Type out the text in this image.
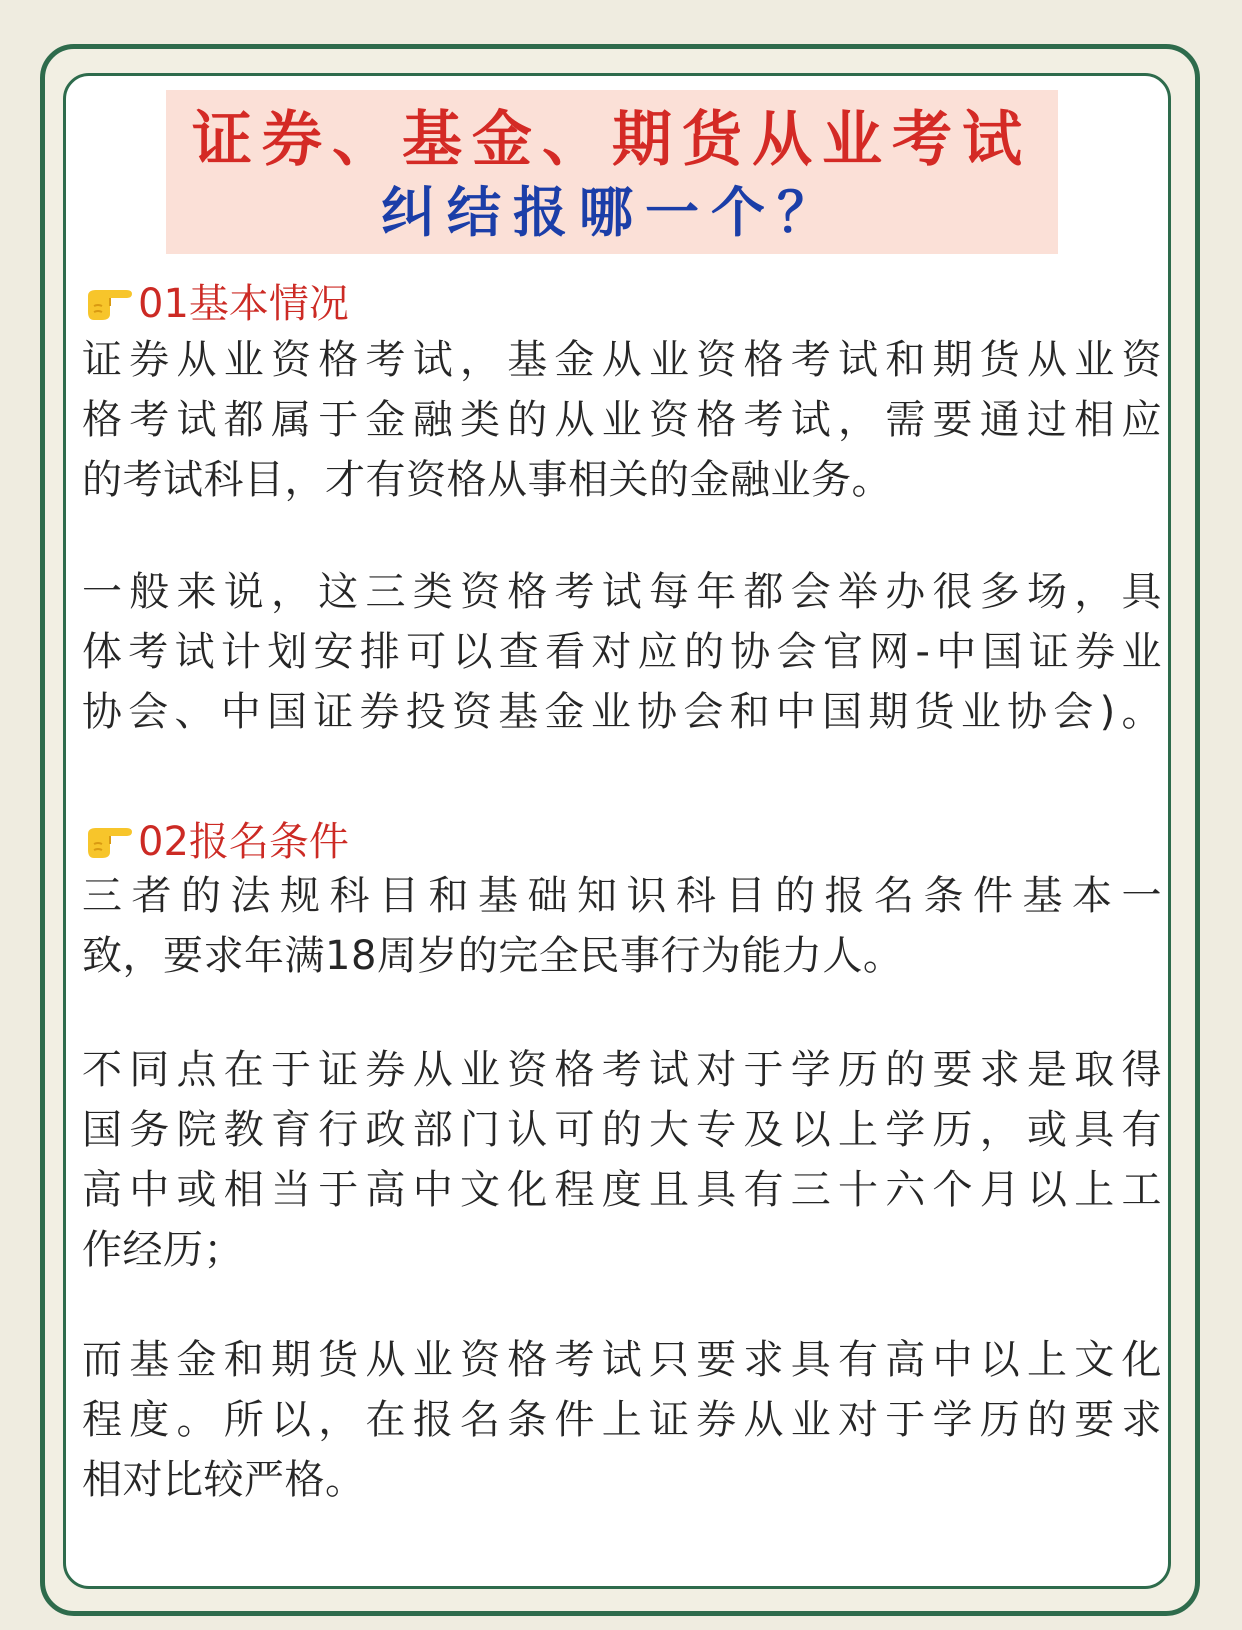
证券、基金、期货从业考试
纠结报哪一个？
01基本情况
证券从业资格考试，基金从业资格考试和期货从业资
格考试都属于金融类的从业资格考试，需要通过相应
的考试科目，才有资格从事相关的金融业务。
一般来说，这三类资格考试每年都会举办很多场，具
体考试计划安排可以查看对应的协会官网-中国证券业
协会、中国证券投资基金业协会和中国期货业协会)。
02报名条件
三者的法规科目和基础知识科目的报名条件基本一
致，要求年满18周岁的完全民事行为能力人。
不同点在于证券从业资格考试对于学历的要求是取得
国务院教育行政部门认可的大专及以上学历，或具有
高中或相当于高中文化程度且具有三十六个月以上工
作经历；
而基金和期货从业资格考试只要求具有高中以上文化
程度。所以，在报名条件上证券从业对于学历的要求
相对比较严格。
